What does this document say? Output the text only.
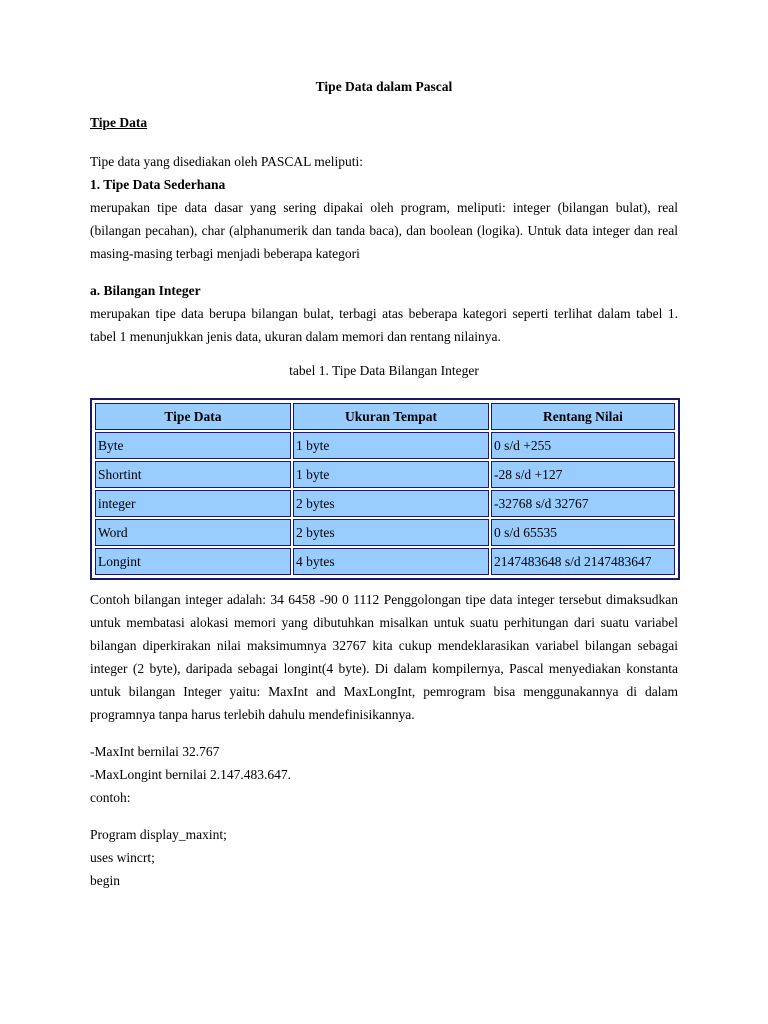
Tipe Data dalam Pascal

Tipe Data

Tipe data yang disediakan oleh PASCAL meliputi:

1. Tipe Data Sederhana

merupakan tipe data dasar yang sering dipakai oleh program, meliputi: integer (bilangan bulat), real (bilangan pecahan), char (alphanumerik dan tanda baca), dan boolean (logika). Untuk data integer dan real masing-masing terbagi menjadi beberapa kategori

a. Bilangan Integer

merupakan tipe data berupa bilangan bulat, terbagi atas beberapa kategori seperti terlihat dalam tabel 1. tabel 1 menunjukkan jenis data, ukuran dalam memori dan rentang nilainya.

tabel 1. Tipe Data Bilangan Integer

Tipe Data	Ukuran Tempat	Rentang Nilai
Byte	1 byte	0 s/d +255
Shortint	1 byte	-28 s/d +127
integer	2 bytes	-32768 s/d 32767
Word	2 bytes	0 s/d 65535
Longint	4 bytes	2147483648 s/d 2147483647

Contoh bilangan integer adalah: 34 6458 -90 0 1112 Penggolongan tipe data integer tersebut dimaksudkan untuk membatasi alokasi memori yang dibutuhkan misalkan untuk suatu perhitungan dari suatu variabel bilangan diperkirakan nilai maksimumnya 32767 kita cukup mendeklarasikan variabel bilangan sebagai integer (2 byte), daripada sebagai longint(4 byte). Di dalam kompilernya, Pascal menyediakan konstanta untuk bilangan Integer yaitu: MaxInt and MaxLongInt, pemrogram bisa menggunakannya di dalam programnya tanpa harus terlebih dahulu mendefinisikannya.

-MaxInt bernilai 32.767

-MaxLongint bernilai 2.147.483.647.

contoh:

Program display_maxint;

uses wincrt;

begin
